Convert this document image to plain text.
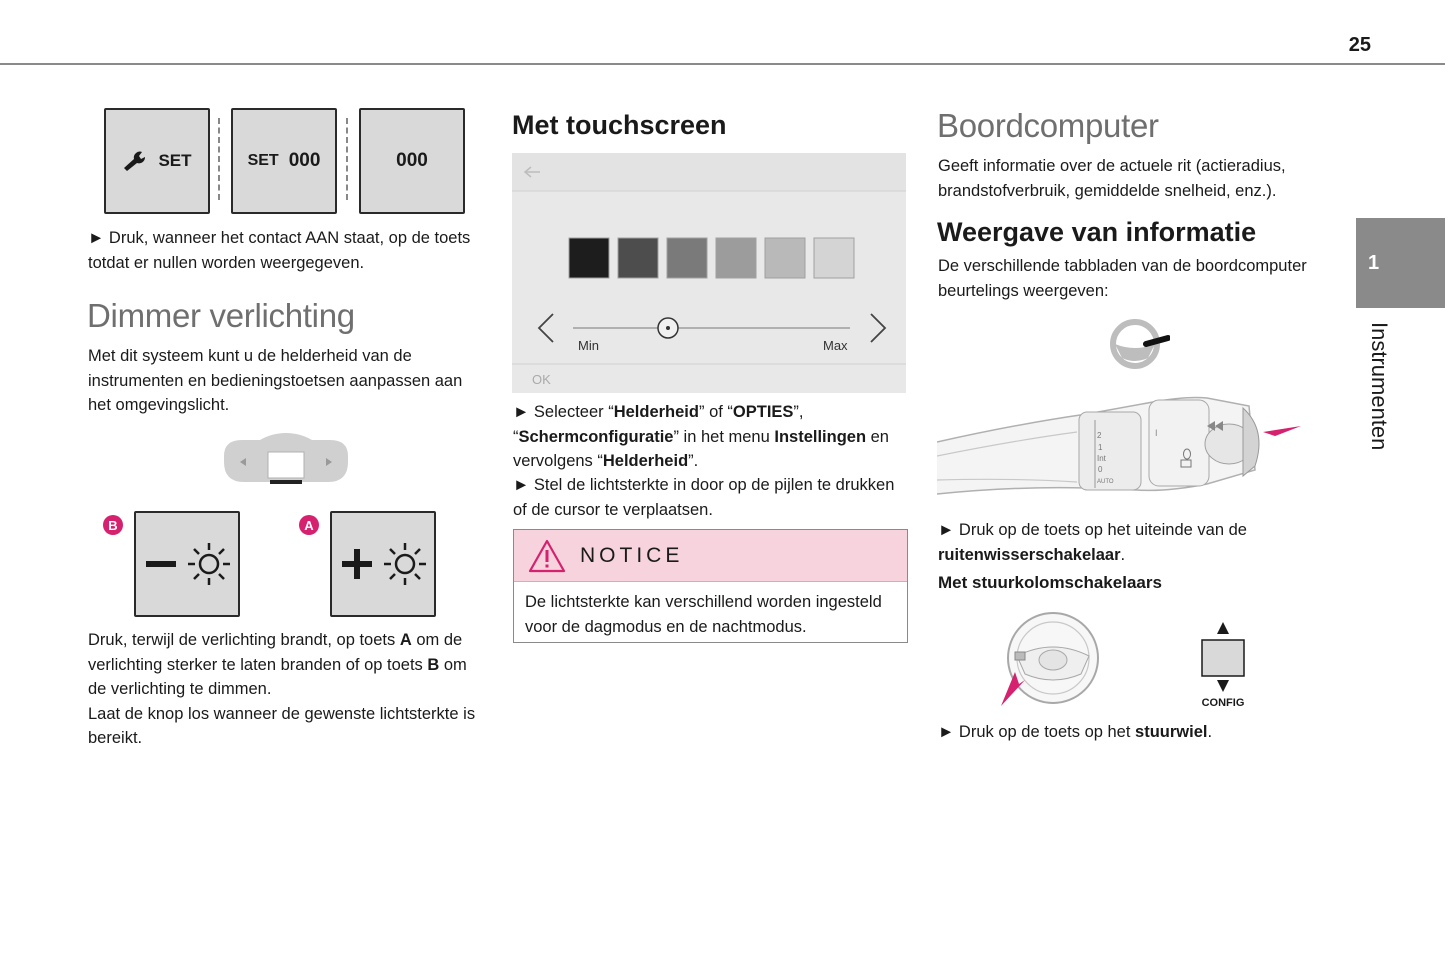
25
1
Instrumenten
SET	SET 000	000
► Druk, wanneer het contact AAN staat, op de toets totdat er nullen worden weergegeven.
Dimmer verlichting
Met dit systeem kunt u de helderheid van de instrumenten en bedieningstoetsen aanpassen aan het omgevingslicht.
B	A
Druk, terwijl de verlichting brandt, op toets A om de verlichting sterker te laten branden of op toets B om de verlichting te dimmen.
Laat de knop los wanneer de gewenste lichtsterkte is bereikt.
Met touchscreen
Min	Max
OK
► Selecteer “Helderheid” of “OPTIES”, “Schermconfiguratie” in het menu Instellingen en vervolgens “Helderheid”.
► Stel de lichtsterkte in door op de pijlen te drukken of de cursor te verplaatsen.
NOTICE
De lichtsterkte kan verschillend worden ingesteld voor de dagmodus en de nachtmodus.
Boordcomputer
Geeft informatie over de actuele rit (actieradius, brandstofverbruik, gemiddelde snelheid, enz.).
Weergave van informatie
De verschillende tabbladen van de boordcomputer beurtelings weergeven:
I
2
1
Int
0
AUTO
► Druk op de toets op het uiteinde van de ruitenwisserschakelaar.
Met stuurkolomschakelaars
CONFIG
► Druk op de toets op het stuurwiel.
